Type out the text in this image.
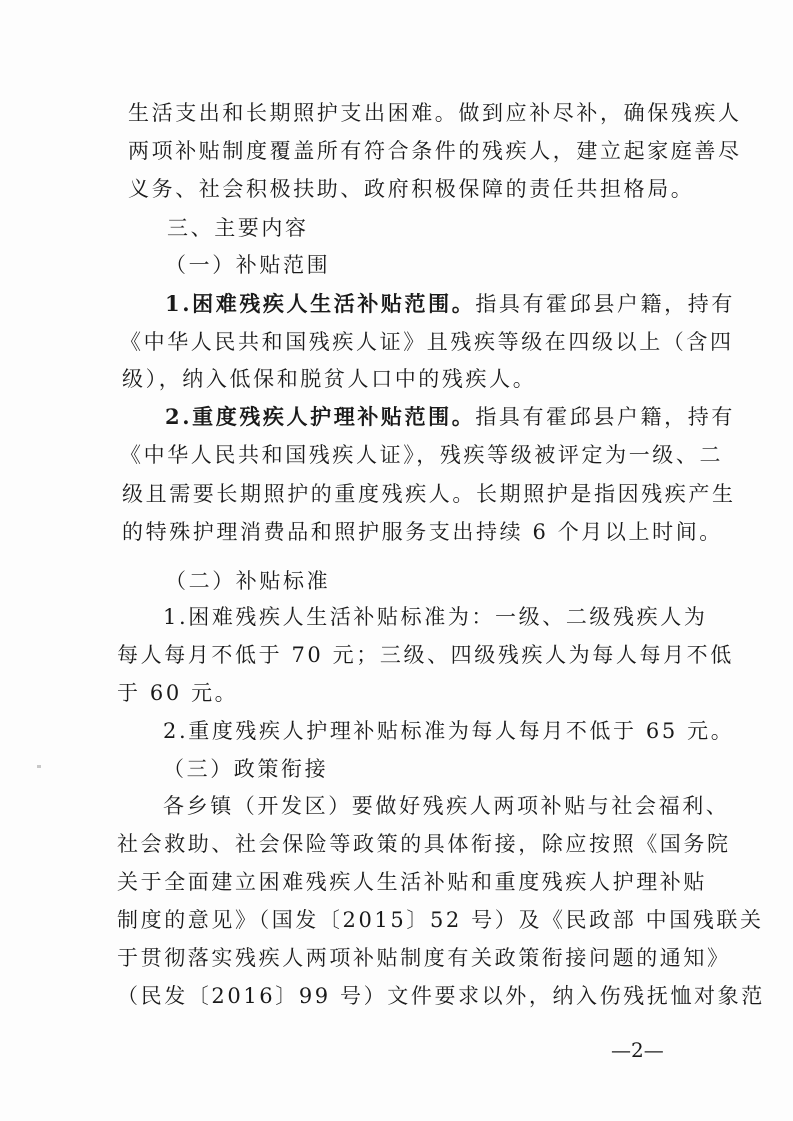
生活支出和长期照护支出困难。做到应补尽补，确保残疾人
两项补贴制度覆盖所有符合条件的残疾人，建立起家庭善尽
义务、社会积极扶助、政府积极保障的责任共担格局。
三、主要内容
（一）补贴范围
1.困难残疾人生活补贴范围。指具有霍邱县户籍，持有
《中华人民共和国残疾人证》且残疾等级在四级以上（含四
级），纳入低保和脱贫人口中的残疾人。
2.重度残疾人护理补贴范围。指具有霍邱县户籍，持有
《中华人民共和国残疾人证》，残疾等级被评定为一级、二
级且需要长期照护的重度残疾人。长期照护是指因残疾产生
的特殊护理消费品和照护服务支出持续 6 个月以上时间。
（二）补贴标准
1.困难残疾人生活补贴标准为：一级、二级残疾人为
每人每月不低于 70 元；三级、四级残疾人为每人每月不低
于 60 元。
2.重度残疾人护理补贴标准为每人每月不低于 65 元。
（三）政策衔接
各乡镇（开发区）要做好残疾人两项补贴与社会福利、
社会救助、社会保险等政策的具体衔接，除应按照《国务院
关于全面建立困难残疾人生活补贴和重度残疾人护理补贴
制度的意见》（国发〔2015〕52 号）及《民政部 中国残联关
于贯彻落实残疾人两项补贴制度有关政策衔接问题的通知》
（民发〔2016〕99 号）文件要求以外，纳入伤残抚恤对象范
—2—
